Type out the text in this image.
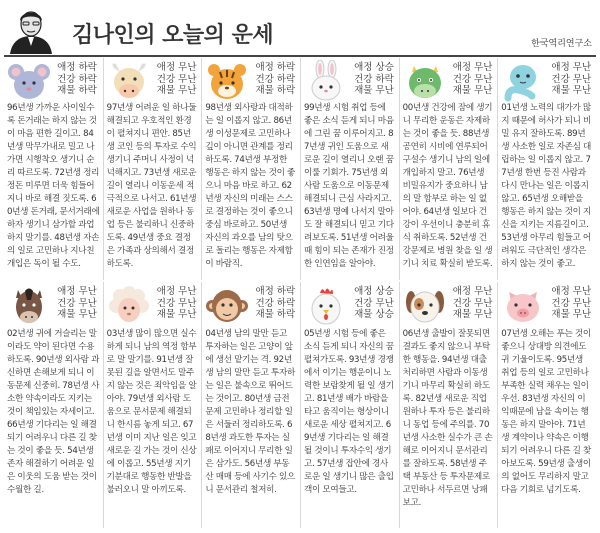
김나인의 오늘의 운세	한국역리연구소
애정 하락
건강 하락
재물 하락
96년생 가까운 사이일수록 돈거래는 하지 않는 것이 마음 편한 길이고. 84년생 막무가내로 밀고 나가면 시행착오 생기니 순리 따르도록. 72년생 정리정돈 미루면 더욱 힘들어지니 바로 해결 짓도록. 60년생 돈거래, 문서거래에 하자 생기니 삼가할 과업하지 말기를. 48년생 자손의 일로 고민하나 지나친 개입은 독이 될 수도.
애정 무난
건강 무난
재물 무난
97년생 어려운 일 하나둘 해결되고 우호적인 환경이 펼쳐지니 편안. 85년생 코인 등의 투자로 수익 생기니 주머니 사정이 넉넉해지고. 73년생 새로운 길이 열리니 이동운세 적극적으로 나서고. 61년생 새로운 사업을 원하나 동업 등은 불리하니 신중하도록. 49년생 중요 결정은 가족과 상의해서 결정하도록.
애정 하락
건강 하락
재물 하락
98년생 외사랑과 대적하는 일 이롭지 않고. 86년생 이성문제로 고민하나 깊이 아니면 관계를 정리하도록. 74년생 부정한 행동은 하지 않는 것이 좋으니 마음 바로 하고. 62년생 자신의 미래는 스스로 결정하는 것이 좋으니 중심 바로하고. 50년생 자신의 과오를 남의 탓으로 돌리는 행동은 자제함이 바람직.
애정 상승
건강 하락
재물 무난
99년생 시험 취업 등에 좋은 소식 듣게 되니 마음에 그린 꿈 이루어지고. 87년생 귀인 도움으로 새로운 길이 열리니 오랜 꿈 이룰 기회가. 75년생 외사람 도움으로 이동문제 해결되니 근심 사라지고. 63년생 명예 나서지 말아도 잘 해결되니 믿고 기다려보도록. 51년생 어려울 때 힘이 되는 존재가 진정한 인연임을 알아야.
애정 무난
건강 무난
재물 무난
00년생 건강에 잠에 생기니 무리한 운동은 자제하는 것이 좋을 듯. 88년생 공연히 시비에 연루되어 구설수 생기니 남의 일에 개입하지 말고. 76년생 비밀유지가 중요하니 남의 말 함부로 하는 일 없어야. 64년생 일보다 건강이 우선이니 충분히 휴식 취하도록. 52년생 건강문제로 병원 찾을 일 생기니 치료 확실히 받도록.
애정 무난
건강 무난
재물 무난
01년생 노력의 대가가 많지 때문에 허사가 되니 비밀 유지 잘하도록. 89년생 사소한 일로 자존심 대립하는 일 이롭지 않고. 77년생 한번 등진 사람과 다시 만나는 일은 이롭지 않고. 65년생 오해받을 행동은 하지 않는 것이 지신을 지키는 지름길이고. 53년생 아무리 힘들고 어려워도 극단적인 생각은 하지 않는 것이 좋고.
애정 무난
건강 무난
재물 무난
02년생 귀에 거슬리는 말이라도 약이 된다면 수용하도록. 90년생 외사람 과신하면 손해보게 되니 이동문제 신중히. 78년생 사소한 약속이라도 지키는 것이 책임있는 자세이고. 66년생 기다리는 일 해결되기 어려우니 다른 길 찾는 것이 좋을 듯. 54년생 존자 해결하기 어려운 일은 이웃의 도움 받는 것이 수월한 길.
애정 무난
건강 무난
재물 무난
03년생 많이 많으면 실수하게 되니 남의 역정 함부로 말 말기를. 91년생 잘못된 길을 알면서도 말주지 않는 것은 죄악임을 알아야. 79년생 외사람 도움으로 문서문제 해결되니 한시름 놓게 되고. 67년생 이미 지난 일은 잊고 새로운 길 가는 것이 신상에 이롭고. 55년생 지기 기분대로 행동한 반발을 불러오니 말 아끼도록.
애정 하락
건강 하락
재물 하락
04년생 남의 말만 듣고 투자하는 일은 고양이 앞에 생선 맡기는 격. 92년생 남의 말만 듣고 투자하는 일은 불속으로 뛰어드는 것이고. 80년생 금전문제 고민하나 정리할 일은 서둘러 정리하도록. 68년생 과도한 투자는 실패로 이어지니 무리한 일은 삼가도. 56년생 부동산 매매 등에 사기수 있으니 문서관리 철저히.
애정 상승
건강 무난
재물 상승
05년생 시험 등에 좋은 소식 듣게 되니 자신의 꿈 펼쳐가도록. 93년생 경쟁에서 이기는 행운이니 노력한 보람찾게 될 일 생기고. 81년생 배가 바람을 타고 움직이는 형상이니 새로운 세상 펼쳐지고. 69년생 기다리는 일 해결될 것이니 투자수익 생기고. 57년생 잡안에 경사로운 일 생기니 많은 출입객이 모여들고.
애정 무난
건강 무난
재물 무난
06년생 출발이 잘못되면 결과도 좋지 않으니 부탁한 행동을. 94년생 대출처리하면 사람과 이동생기니 마무리 확실히 하도록. 82년생 새로운 직업 원하나 투자 등은 불리하니 동업 등에 주의를. 70년생 사소한 실수가 큰 손해로 이어지니 문서관리를 잘하도록. 58년생 주택 부동산 등 투자문제로 고민하나 서두르면 낭패보고.
애정 무난
건강 무난
재물 무난
07년생 오해는 푸는 것이 좋으니 상대방 의견에도 귀 기울이도록. 95년생 취업 등의 일로 고민하나 부족한 실력 채우는 일이 우선. 83년생 자신의 이익때문에 남을 속이는 행동은 하지 말아야. 71년생 계약이나 약속은 이행되기 어려우니 다른 길 찾아보도록. 59년생 출생이의 없어도 무리하지 말고 다음 기회로 넘기도록.
